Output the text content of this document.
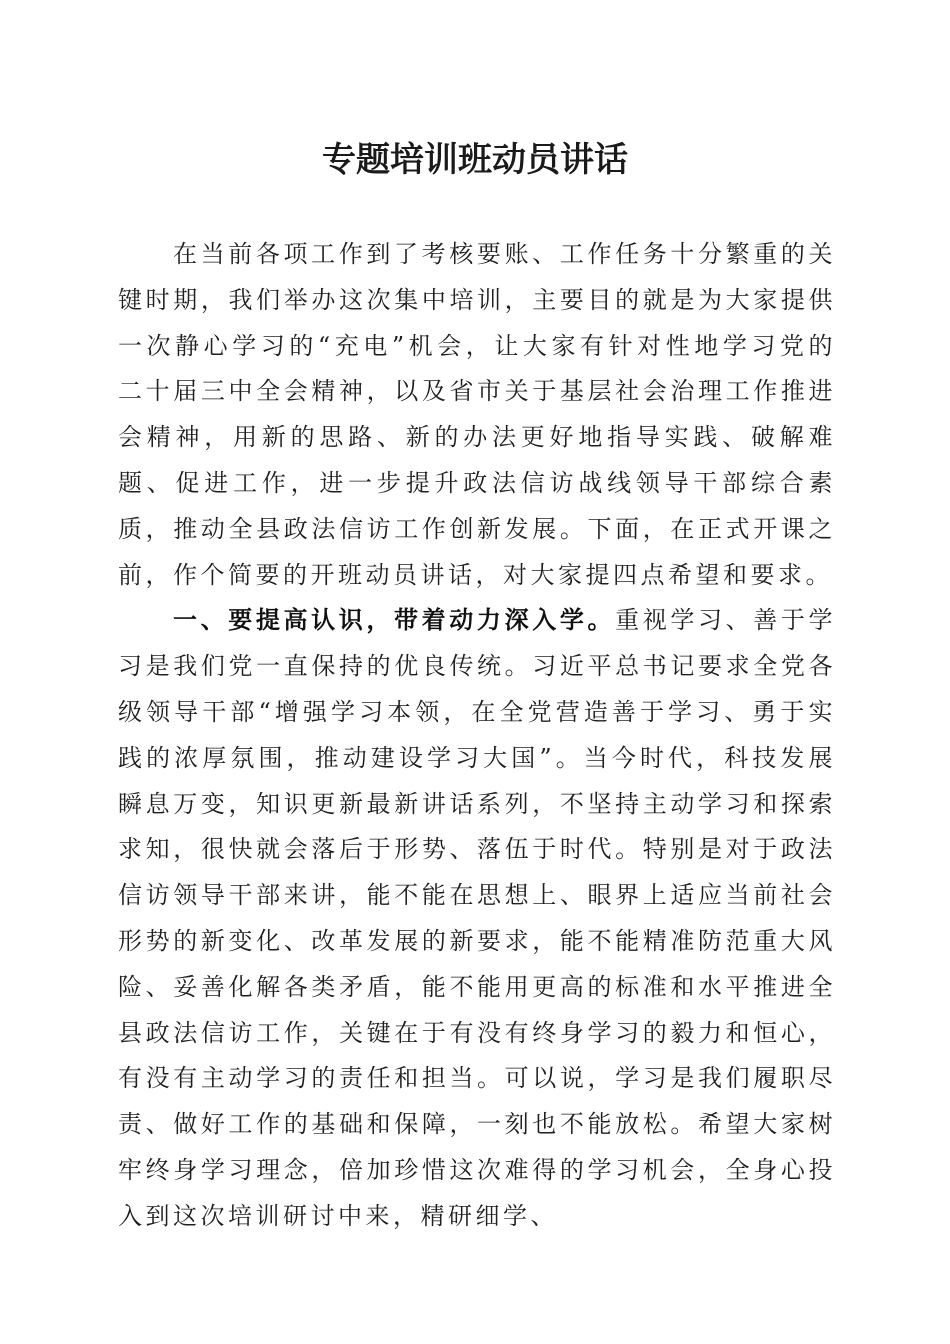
专题培训班动员讲话

在当前各项工作到了考核要账、工作任务十分繁重的关键时期，我们举办这次集中培训，主要目的就是为大家提供一次静心学习的“充电”机会，让大家有针对性地学习党的二十届三中全会精神，以及省市关于基层社会治理工作推进会精神，用新的思路、新的办法更好地指导实践、破解难题、促进工作，进一步提升政法信访战线领导干部综合素质，推动全县政法信访工作创新发展。下面，在正式开课之前，作个简要的开班动员讲话，对大家提四点希望和要求。

一、要提高认识，带着动力深入学。重视学习、善于学习是我们党一直保持的优良传统。习近平总书记要求全党各级领导干部“增强学习本领，在全党营造善于学习、勇于实践的浓厚氛围，推动建设学习大国”。当今时代，科技发展瞬息万变，知识更新最新讲话系列，不坚持主动学习和探索求知，很快就会落后于形势、落伍于时代。特别是对于政法信访领导干部来讲，能不能在思想上、眼界上适应当前社会形势的新变化、改革发展的新要求，能不能精准防范重大风险、妥善化解各类矛盾，能不能用更高的标准和水平推进全县政法信访工作，关键在于有没有终身学习的毅力和恒心，有没有主动学习的责任和担当。可以说，学习是我们履职尽责、做好工作的基础和保障，一刻也不能放松。希望大家树牢终身学习理念，倍加珍惜这次难得的学习机会，全身心投入到这次培训研讨中来，精研细学、
